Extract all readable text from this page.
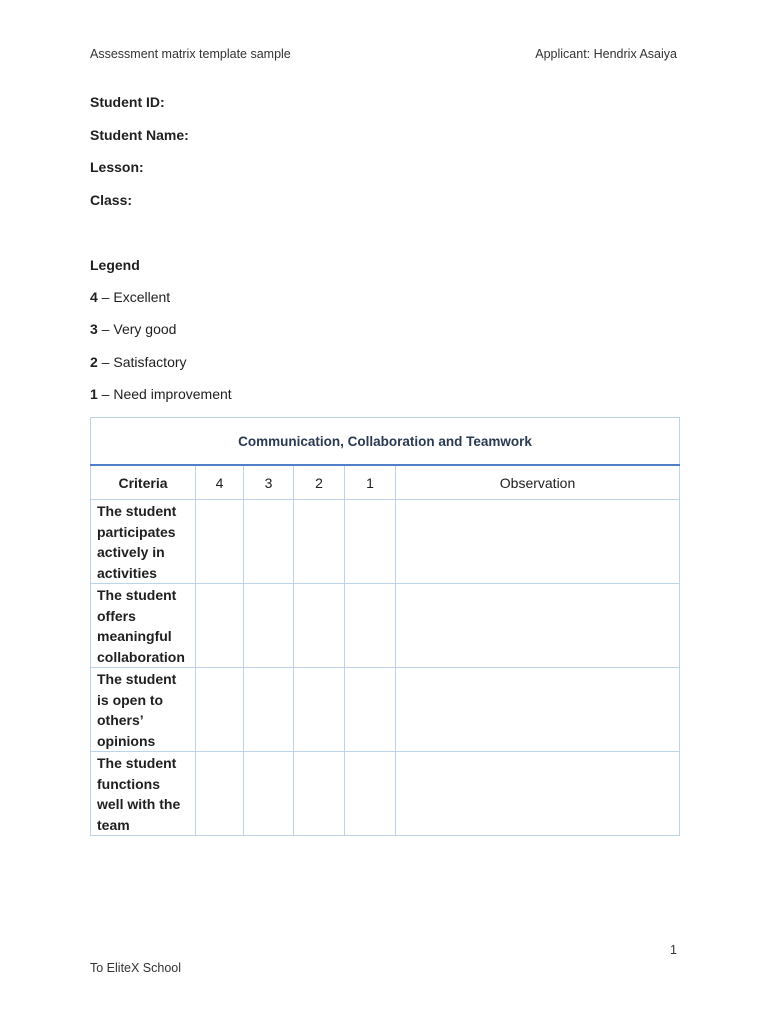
Assessment matrix template sample	Applicant: Hendrix Asaiya
Student ID:
Student Name:
Lesson:
Class:
Legend
4 – Excellent
3 – Very good
2 – Satisfactory
1 – Need improvement
Communication, Collaboration and Teamwork					
Criteria	4	3	2	1	Observation
The student participates actively in activities					
The student offers meaningful collaboration					
The student is open to others’ opinions					
The student functions well with the team					
1
To EliteX School
